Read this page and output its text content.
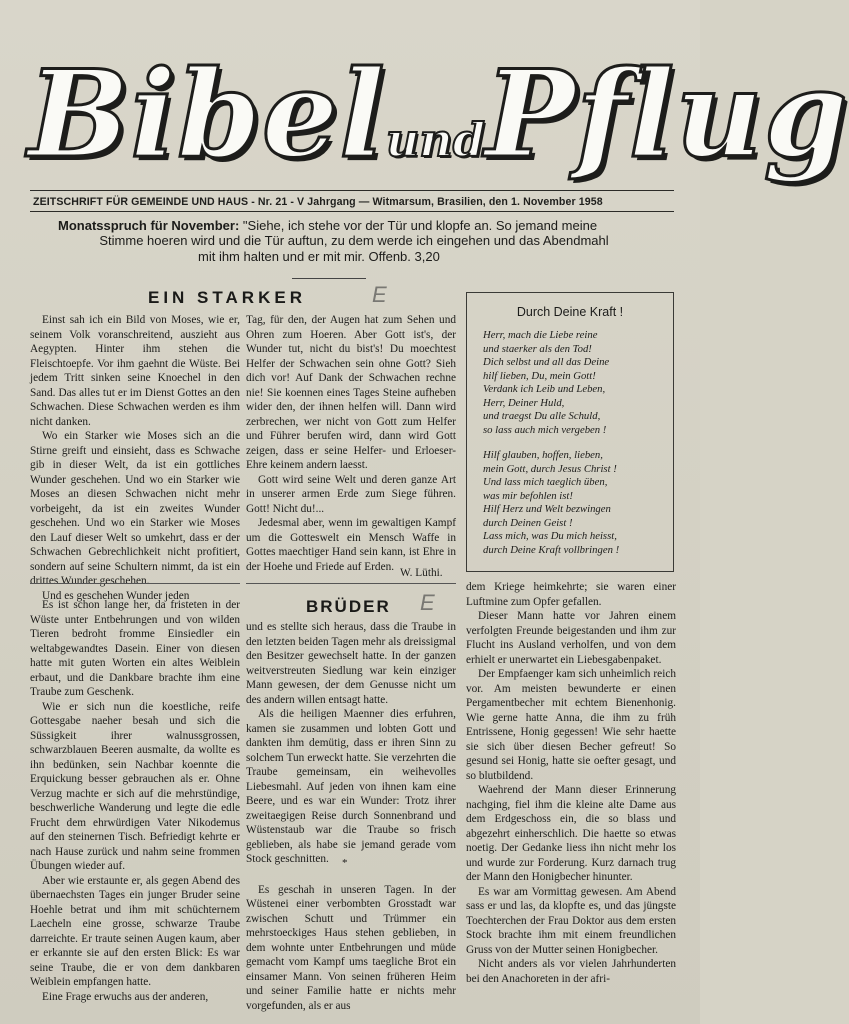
BibelundPflug
ZEITSCHRIFT FÜR GEMEINDE UND HAUS - Nr. 21 - V Jahrgang — Witmarsum, Brasilien, den 1. November 1958
Monatsspruch für November: "Siehe, ich stehe vor der Tür und klopfe an. So jemand meine
Stimme hoeren wird und die Tür auftun, zu dem werde ich eingehen und das Abendmahl
mit ihm halten und er mit mir. Offenb. 3,20
EIN STARKER	E

Einst sah ich ein Bild von Moses, wie er, seinem Volk voranschreitend, auszieht aus Aegypten. Hinter ihm stehen die Fleischtoepfe. Vor ihm gaehnt die Wüste. Bei jedem Tritt sinken seine Knoechel in den Sand. Das alles tut er im Dienst Gottes an den Schwachen. Diese Schwachen werden es ihm nicht danken.

Wo ein Starker wie Moses sich an die Stirne greift und einsieht, dass es Schwache gib in dieser Welt, da ist ein gottliches Wunder geschehen. Und wo ein Starker wie Moses an diesen Schwachen nicht mehr vorbeigeht, da ist ein zweites Wunder geschehen. Und wo ein Starker wie Moses den Lauf dieser Welt so umkehrt, dass er der Schwachen Gebrechlichkeit nicht profitiert, sondern auf seine Schultern nimmt, da ist ein drittes Wunder geschehen.

Und es geschehen Wunder jeden

Tag, für den, der Augen hat zum Sehen und Ohren zum Hoeren. Aber Gott ist's, der Wunder tut, nicht du bist's! Du moechtest Helfer der Schwachen sein ohne Gott? Sieh dich vor! Auf Dank der Schwachen rechne nie! Sie koennen eines Tages Steine aufheben wider den, der ihnen helfen will. Dann wird zerbrechen, wer nicht von Gott zum Helfer und Führer berufen wird, dann wird Gott zeigen, dass er seine Helfer- und Erloeser-Ehre keinem andern laesst.

Gott wird seine Welt und deren ganze Art in unserer armen Erde zum Siege führen. Gott! Nicht du!...

Jedesmal aber, wenn im gewaltigen Kampf um die Gotteswelt ein Mensch Waffe in Gottes maechtiger Hand sein kann, ist Ehre in der Hoehe und Friede auf Erden.

W. Lüthi.
Durch Deine Kraft !
Herr, mach die Liebe reine
und staerker als den Tod!
Dich selbst und all das Deine
hilf lieben, Du, mein Gott!
Verdank ich Leib und Leben,
Herr, Deiner Huld,
und traegst Du alle Schuld,
so lass auch mich vergeben !
Hilf glauben, hoffen, lieben,
mein Gott, durch Jesus Christ !
Und lass mich taeglich üben,
was mir befohlen ist!
Hilf Herz und Welt bezwingen
durch Deinen Geist !
Lass mich, was Du mich heisst,
durch Deine Kraft vollbringen !
BRÜDER E

Es ist schon lange her, da fristeten in der Wüste unter Entbehrungen und von wilden Tieren bedroht fromme Einsiedler ein weltabgewandtes Dasein. Einer von diesen hatte mit guten Worten ein altes Weiblein erbaut, und die Dankbare brachte ihm eine Traube zum Geschenk.

Wie er sich nun die koestliche, reife Gottesgabe naeher besah und sich die Süssigkeit ihrer walnussgrossen, schwarzblauen Beeren ausmalte, da wollte es ihn bedünken, sein Nachbar koennte die Erquickung besser gebrauchen als er. Ohne Verzug machte er sich auf die mehrstündige, beschwerliche Wanderung und legte die edle Frucht dem ehrwürdigen Vater Nikodemus auf den steinernen Tisch. Befriedigt kehrte er nach Hause zurück und nahm seine frommen Übungen wieder auf.

Aber wie erstaunte er, als gegen Abend des übernaechsten Tages ein junger Bruder seine Hoehle betrat und ihm mit schüchternem Laecheln eine grosse, schwarze Traube darreichte. Er traute seinen Augen kaum, aber er erkannte sie auf den ersten Blick: Es war seine Traube, die er von dem dankbaren Weiblein empfangen hatte.

Eine Frage erwuchs aus der anderen,

und es stellte sich heraus, dass die Traube in den letzten beiden Tagen mehr als dreissigmal den Besitzer gewechselt hatte. In der ganzen weitverstreuten Siedlung war kein einziger Mann gewesen, der dem Genusse nicht um des andern willen entsagt hatte.

Als die heiligen Maenner dies erfuhren, kamen sie zusammen und lobten Gott und dankten ihm demütig, dass er ihren Sinn zu solchem Tun erweckt hatte. Sie verzehrten die Traube gemeinsam, ein weihevolles Liebesmahl. Auf jeden von ihnen kam eine Beere, und es war ein Wunder: Trotz ihrer zweitaegigen Reise durch Sonnenbrand und Wüstenstaub war die Traube so frisch geblieben, als habe sie jemand gerade vom Stock geschnitten.

Es geschah in unseren Tagen. In der Wüstenei einer verbombten Grosstadt war zwischen Schutt und Trümmer ein mehrstoeckiges Haus stehen geblieben, in dem wohnte unter Entbehrungen und müde gemacht vom Kampf ums taegliche Brot ein einsamer Mann. Von seinen früheren Heim und seiner Familie hatte er nichts mehr vorgefunden, als er aus

*

dem Kriege heimkehrte; sie waren einer Luftmine zum Opfer gefallen.

Dieser Mann hatte vor Jahren einem verfolgten Freunde beigestanden und ihm zur Flucht ins Ausland verholfen, und von dem erhielt er unerwartet ein Liebesgabenpaket.

Der Empfaenger kam sich unheimlich reich vor. Am meisten bewunderte er einen Pergamentbecher mit echtem Bienenhonig. Wie gerne hatte Anna, die ihm zu früh Entrissene, Honig gegessen! Wie sehr haette sie sich über diesen Becher gefreut! So gesund sei Honig, hatte sie oefter gesagt, und so blutbildend.

Waehrend der Mann dieser Erinnerung nachging, fiel ihm die kleine alte Dame aus dem Erdgeschoss ein, die so blass und abgezehrt einherschlich. Die haette so etwas noetig. Der Gedanke liess ihn nicht mehr los und wurde zur Forderung. Kurz darnach trug der Mann den Honigbecher hinunter.

Es war am Vormittag gewesen. Am Abend sass er und las, da klopfte es, und das jüngste Toechterchen der Frau Doktor aus dem ersten Stock brachte ihm mit einem freundlichen Gruss von der Mutter seinen Honigbecher.

Nicht anders als vor vielen Jahrhunderten bei den Anachoreten in der afri-
